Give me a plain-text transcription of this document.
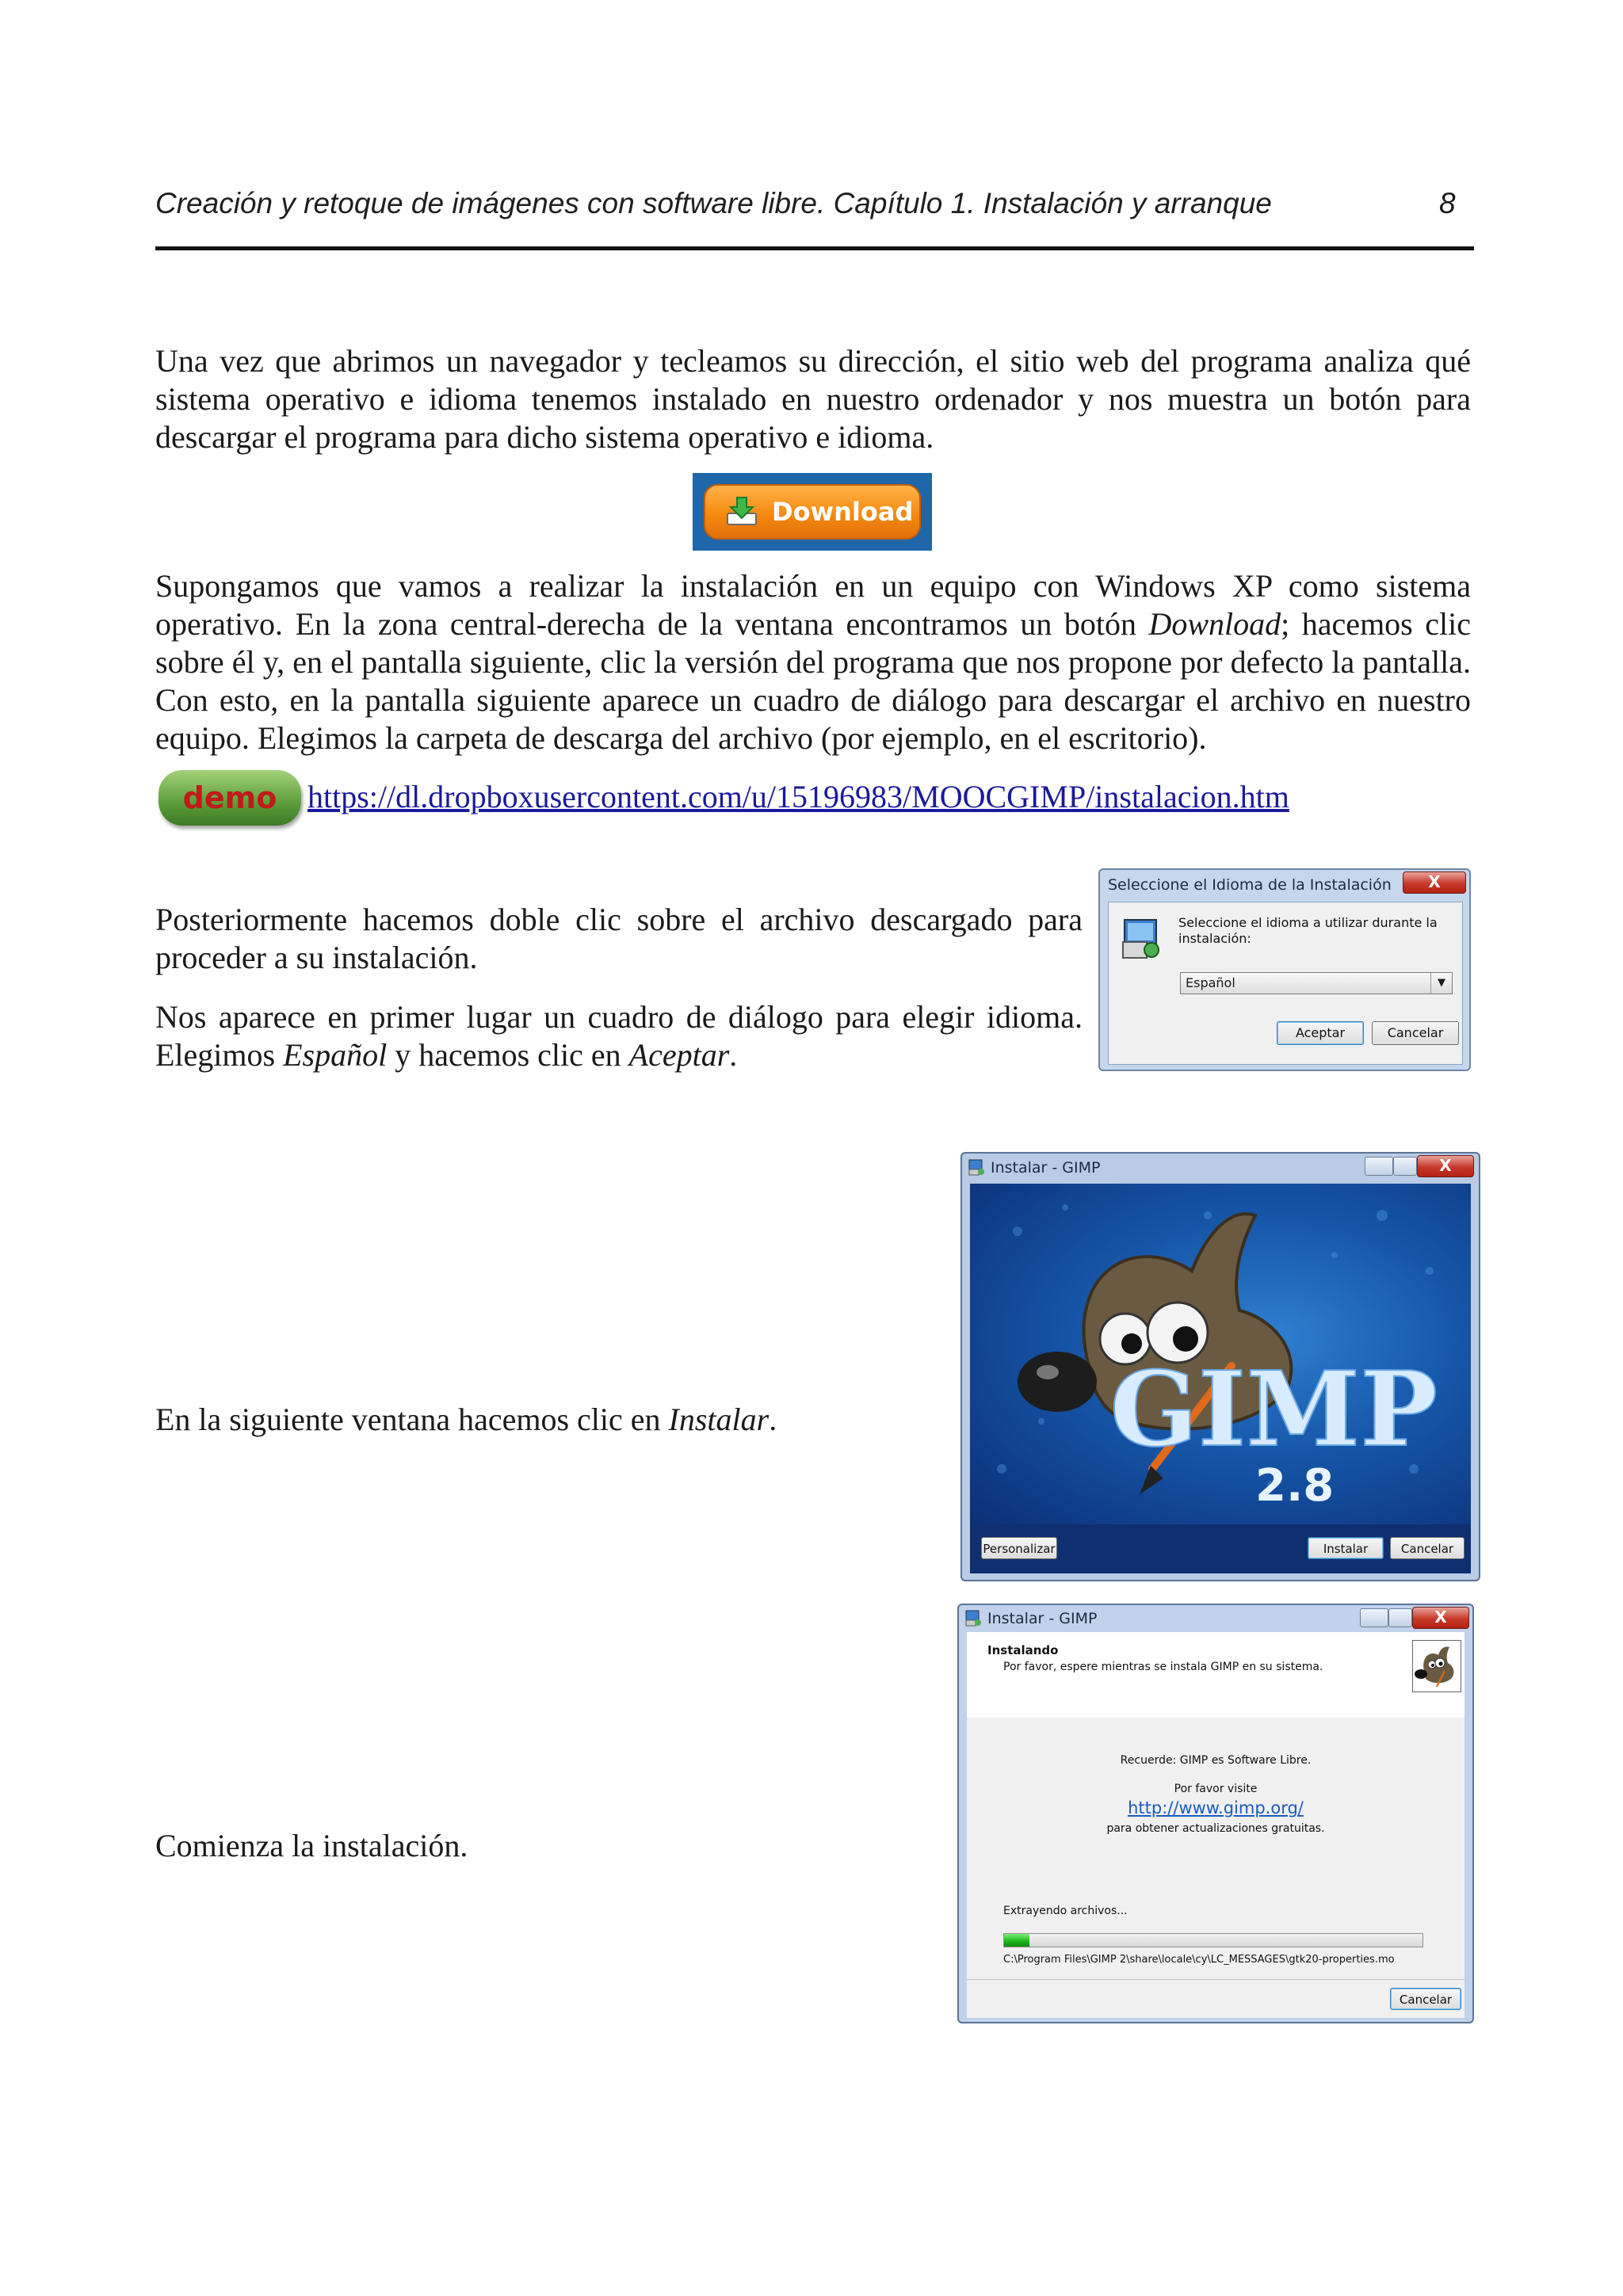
Creación y retoque de imágenes con software libre. Capítulo 1. Instalación y arranque	8

Una vez que abrimos un navegador y tecleamos su dirección, el sitio web del programa analiza qué sistema operativo e idioma tenemos instalado en nuestro ordenador y nos muestra un botón para descargar el programa para dicho sistema operativo e idioma.

Download

Supongamos que vamos a realizar la instalación en un equipo con Windows XP como sistema operativo. En la zona central-derecha de la ventana encontramos un botón Download; hacemos clic sobre él y, en el pantalla siguiente, clic la versión del programa que nos propone por defecto la pantalla. Con esto, en la pantalla siguiente aparece un cuadro de diálogo para descargar el archivo en nuestro equipo. Elegimos la carpeta de descarga del archivo (por ejemplo, en el escritorio).

demo https://dl.dropboxusercontent.com/u/15196983/MOOCGIMP/instalacion.htm

Posteriormente hacemos doble clic sobre el archivo descargado para proceder a su instalación.

Nos aparece en primer lugar un cuadro de diálogo para elegir idioma. Elegimos Español y hacemos clic en Aceptar.

Seleccione el Idioma de la Instalación	X
Seleccione el idioma a utilizar durante la
instalación:
Español	▼
Aceptar	Cancelar

En la siguiente ventana hacemos clic en Instalar.

Instalar - GIMP	X
GIMP
2.8
Personalizar	Instalar	Cancelar

Comienza la instalación.

Instalar - GIMP	X
Instalando
Por favor, espere mientras se instala GIMP en su sistema.
Recuerde: GIMP es Software Libre.
Por favor visite
http://www.gimp.org/
para obtener actualizaciones gratuitas.
Extrayendo archivos...
C:\Program Files\GIMP 2\share\locale\cy\LC_MESSAGES\gtk20-properties.mo
Cancelar
